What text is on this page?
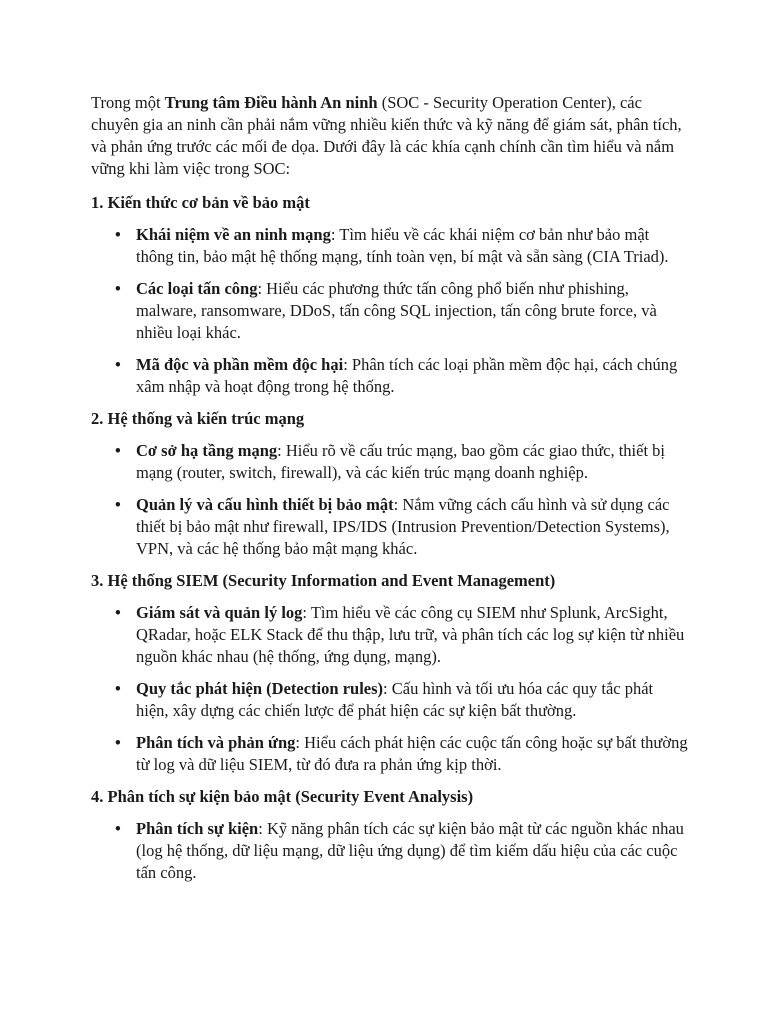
Trong một Trung tâm Điều hành An ninh (SOC - Security Operation Center), các chuyên gia an ninh cần phải nắm vững nhiều kiến thức và kỹ năng để giám sát, phân tích, và phản ứng trước các mối đe dọa. Dưới đây là các khía cạnh chính cần tìm hiểu và nắm vững khi làm việc trong SOC:

1. Kiến thức cơ bản về bảo mật
• Khái niệm về an ninh mạng: Tìm hiểu về các khái niệm cơ bản như bảo mật thông tin, bảo mật hệ thống mạng, tính toàn vẹn, bí mật và sẵn sàng (CIA Triad).
• Các loại tấn công: Hiểu các phương thức tấn công phổ biến như phishing, malware, ransomware, DDoS, tấn công SQL injection, tấn công brute force, và nhiều loại khác.
• Mã độc và phần mềm độc hại: Phân tích các loại phần mềm độc hại, cách chúng xâm nhập và hoạt động trong hệ thống.
2. Hệ thống và kiến trúc mạng
• Cơ sở hạ tầng mạng: Hiểu rõ về cấu trúc mạng, bao gồm các giao thức, thiết bị mạng (router, switch, firewall), và các kiến trúc mạng doanh nghiệp.
• Quản lý và cấu hình thiết bị bảo mật: Nắm vững cách cấu hình và sử dụng các thiết bị bảo mật như firewall, IPS/IDS (Intrusion Prevention/Detection Systems), VPN, và các hệ thống bảo mật mạng khác.
3. Hệ thống SIEM (Security Information and Event Management)
• Giám sát và quản lý log: Tìm hiểu về các công cụ SIEM như Splunk, ArcSight, QRadar, hoặc ELK Stack để thu thập, lưu trữ, và phân tích các log sự kiện từ nhiều nguồn khác nhau (hệ thống, ứng dụng, mạng).
• Quy tắc phát hiện (Detection rules): Cấu hình và tối ưu hóa các quy tắc phát hiện, xây dựng các chiến lược để phát hiện các sự kiện bất thường.
• Phân tích và phản ứng: Hiểu cách phát hiện các cuộc tấn công hoặc sự bất thường từ log và dữ liệu SIEM, từ đó đưa ra phản ứng kịp thời.
4. Phân tích sự kiện bảo mật (Security Event Analysis)
• Phân tích sự kiện: Kỹ năng phân tích các sự kiện bảo mật từ các nguồn khác nhau (log hệ thống, dữ liệu mạng, dữ liệu ứng dụng) để tìm kiếm dấu hiệu của các cuộc tấn công.
